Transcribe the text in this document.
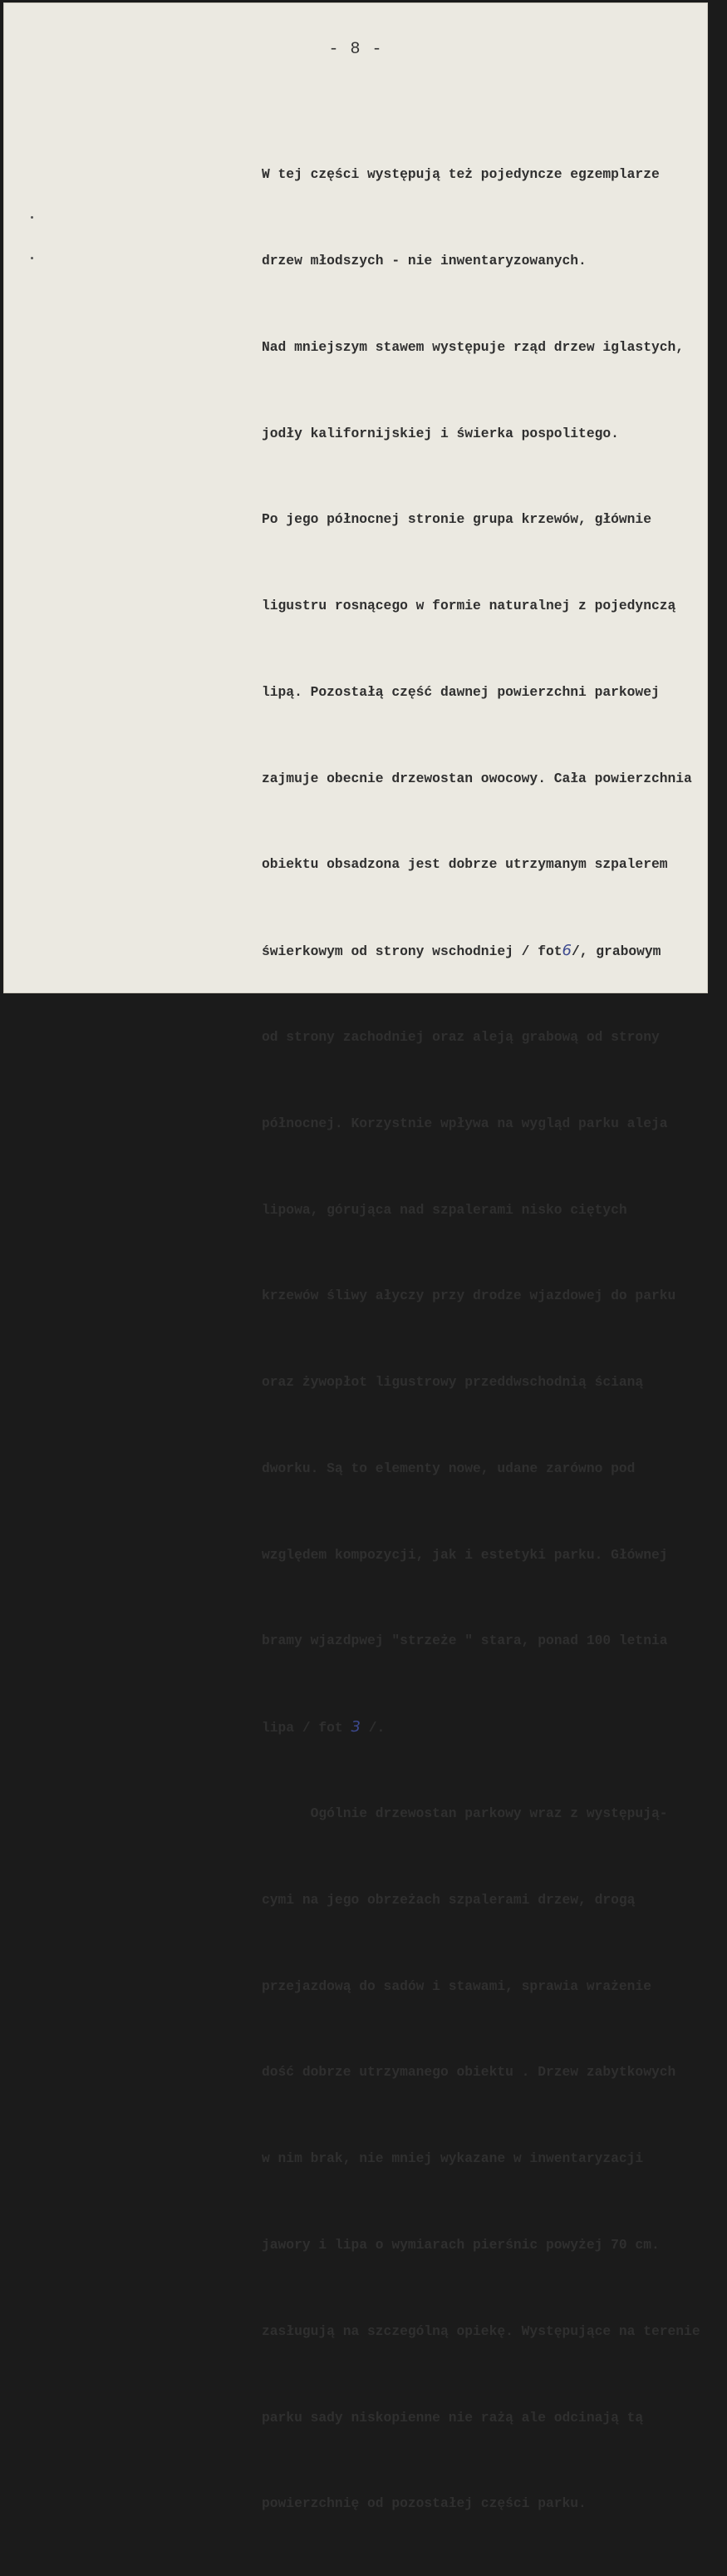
- 8 -

W tej części występują też pojedyncze egzemplarze

drzew młodszych - nie inwentaryzowanych.

Nad mniejszym stawem występuje rząd drzew iglastych,

jodły kalifornijskiej i świerka pospolitego.

Po jego północnej stronie grupa krzewów, głównie

ligustru rosnącego w formie naturalnej z pojedynczą

lipą. Pozostałą część dawnej powierzchni parkowej

zajmuje obecnie drzewostan owocowy. Cała powierzchnia

obiektu obsadzona jest dobrze utrzymanym szpalerem

świerkowym od strony wschodniej / fot6/, grabowym

od strony zachodniej oraz aleją grabową od strony

północnej. Korzystnie wpływa na wygląd parku aleja

lipowa, górująca nad szpalerami nisko ciętych

krzewów śliwy ałyczy przy drodze wjazdowej do parku

oraz żywopłot ligustrowy przeddwschodnią ścianą

dworku. Są to elementy nowe, udane zarówno pod

względem kompozycji, jak i estetyki parku. Głównej

bramy wjazdpwej "strzeże " stara, ponad 100 letnia

lipa / fot 3 /.

Ogólnie drzewostan parkowy wraz z występują-

cymi na jego obrzeżach szpalerami drzew, drogą

przejazdową do sadów i stawami, sprawia wrażenie

dość dobrze utrzymanego obiektu . Drzew zabytkowych

w nim brak, nie mniej wykazane w inwentaryzacji

jawory i lipa o wymiarach pierśnic powyżej 70 cm.

zasługują na szczególną opiekę. Występujące na terenie

parku sady niskopienne nie rażą ale odcinają tą

powierzchnię od pozostałej części parku.
